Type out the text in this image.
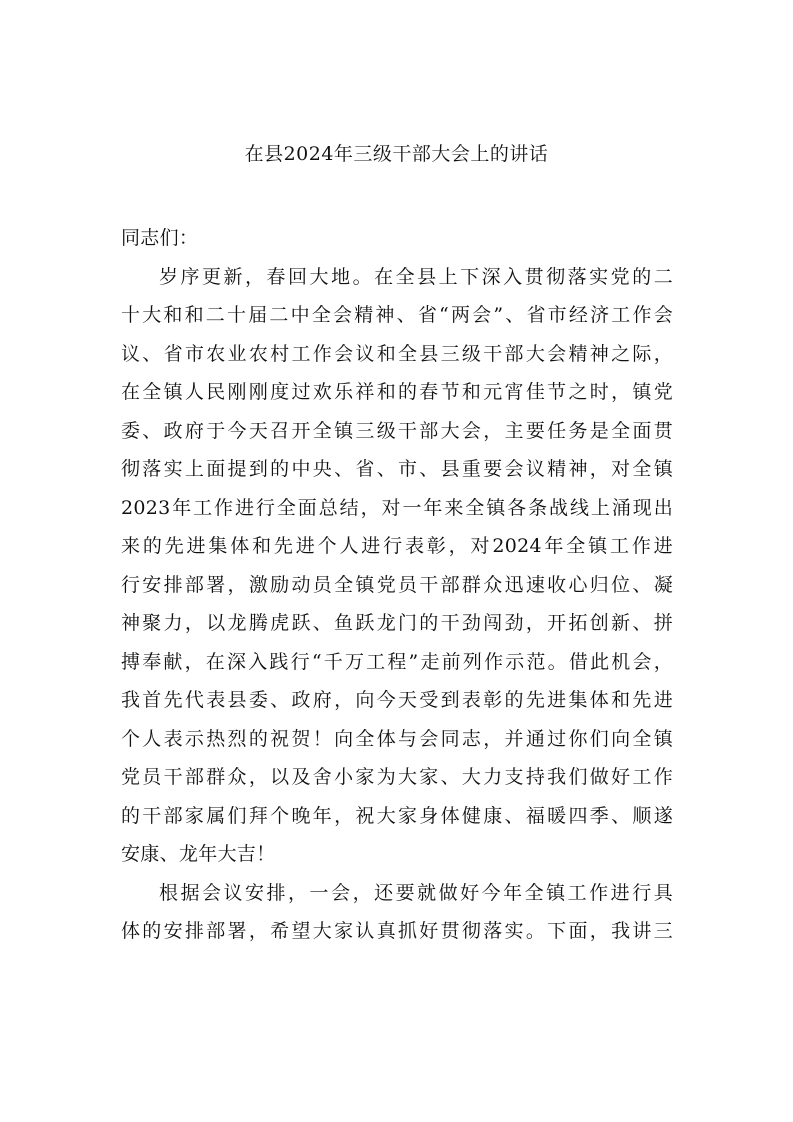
在县2024年三级干部大会上的讲话
同志们：
岁序更新，春回大地。在全县上下深入贯彻落实党的二
十大和和二十届二中全会精神、省“两会”、省市经济工作会
议、省市农业农村工作会议和全县三级干部大会精神之际，
在全镇人民刚刚度过欢乐祥和的春节和元宵佳节之时，镇党
委、政府于今天召开全镇三级干部大会，主要任务是全面贯
彻落实上面提到的中央、省、市、县重要会议精神，对全镇
2023年工作进行全面总结，对一年来全镇各条战线上涌现出
来的先进集体和先进个人进行表彰，对2024年全镇工作进
行安排部署，激励动员全镇党员干部群众迅速收心归位、凝
神聚力，以龙腾虎跃、鱼跃龙门的干劲闯劲，开拓创新、拼
搏奉献，在深入践行“千万工程”走前列作示范。借此机会，
我首先代表县委、政府，向今天受到表彰的先进集体和先进
个人表示热烈的祝贺！向全体与会同志，并通过你们向全镇
党员干部群众，以及舍小家为大家、大力支持我们做好工作
的干部家属们拜个晚年，祝大家身体健康、福暖四季、顺遂
安康、龙年大吉！
根据会议安排，一会，还要就做好今年全镇工作进行具
体的安排部署，希望大家认真抓好贯彻落实。下面，我讲三
